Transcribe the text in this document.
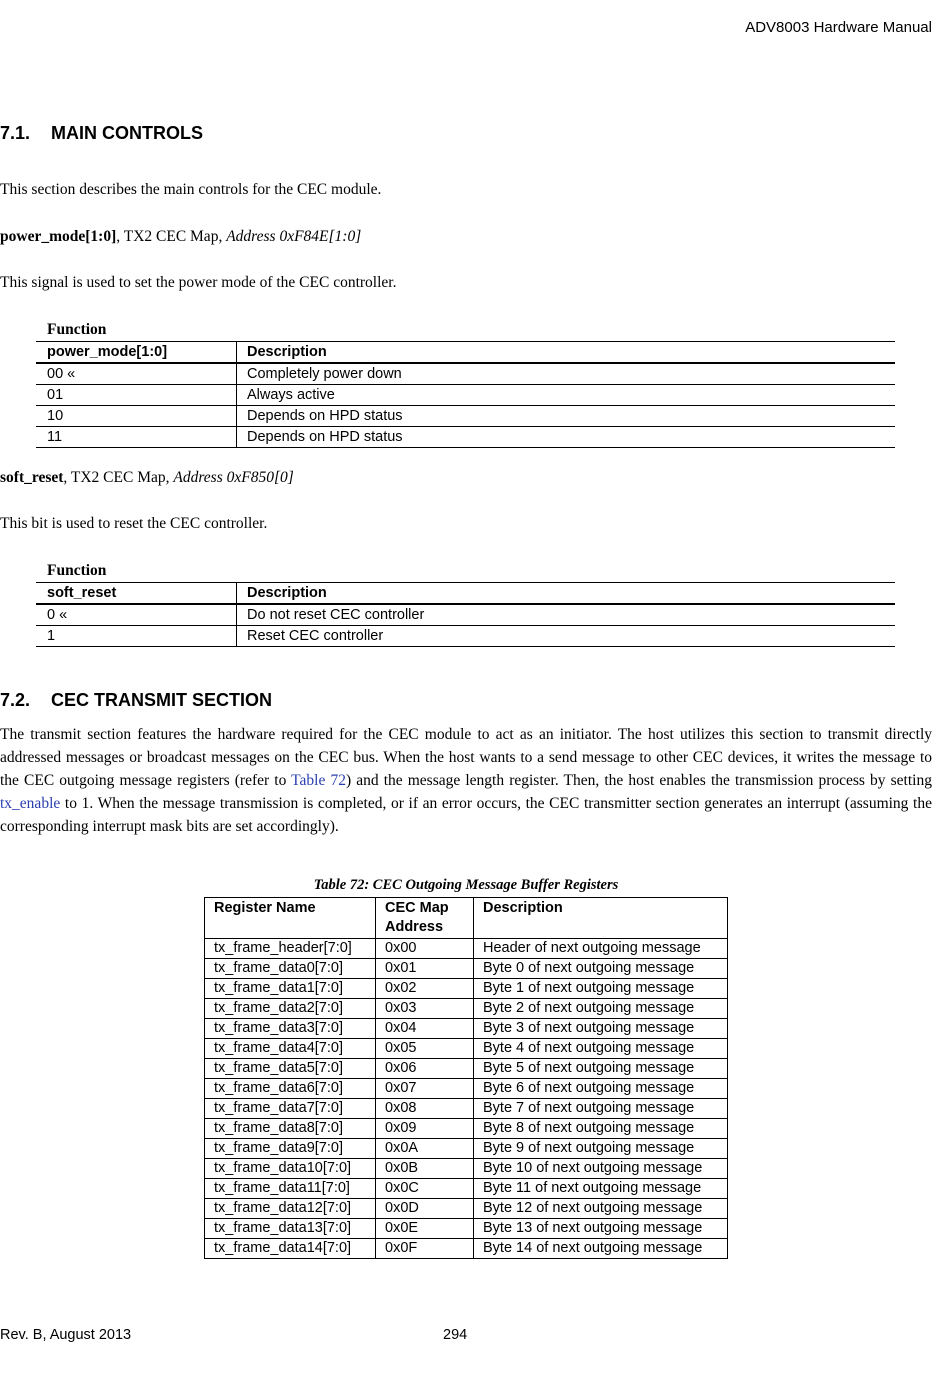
ADV8003 Hardware Manual
7.1. MAIN CONTROLS
This section describes the main controls for the CEC module.
power_mode[1:0], TX2 CEC Map, Address 0xF84E[1:0]
This signal is used to set the power mode of the CEC controller.
Function
power_mode[1:0]	Description
00 «	Completely power down
01	Always active
10	Depends on HPD status
11	Depends on HPD status
soft_reset, TX2 CEC Map, Address 0xF850[0]
This bit is used to reset the CEC controller.
Function
soft_reset	Description
0 «	Do not reset CEC controller
1	Reset CEC controller
7.2. CEC TRANSMIT SECTION
The transmit section features the hardware required for the CEC module to act as an initiator. The host utilizes this section to transmit directly addressed messages or broadcast messages on the CEC bus. When the host wants to a send message to other CEC devices, it writes the message to the CEC outgoing message registers (refer to Table 72) and the message length register. Then, the host enables the transmission process by setting tx_enable to 1. When the message transmission is completed, or if an error occurs, the CEC transmitter section generates an interrupt (assuming the corresponding interrupt mask bits are set accordingly).
Table 72: CEC Outgoing Message Buffer Registers
Register Name	CEC Map Address	Description
tx_frame_header[7:0]	0x00	Header of next outgoing message
tx_frame_data0[7:0]	0x01	Byte 0 of next outgoing message
tx_frame_data1[7:0]	0x02	Byte 1 of next outgoing message
tx_frame_data2[7:0]	0x03	Byte 2 of next outgoing message
tx_frame_data3[7:0]	0x04	Byte 3 of next outgoing message
tx_frame_data4[7:0]	0x05	Byte 4 of next outgoing message
tx_frame_data5[7:0]	0x06	Byte 5 of next outgoing message
tx_frame_data6[7:0]	0x07	Byte 6 of next outgoing message
tx_frame_data7[7:0]	0x08	Byte 7 of next outgoing message
tx_frame_data8[7:0]	0x09	Byte 8 of next outgoing message
tx_frame_data9[7:0]	0x0A	Byte 9 of next outgoing message
tx_frame_data10[7:0]	0x0B	Byte 10 of next outgoing message
tx_frame_data11[7:0]	0x0C	Byte 11 of next outgoing message
tx_frame_data12[7:0]	0x0D	Byte 12 of next outgoing message
tx_frame_data13[7:0]	0x0E	Byte 13 of next outgoing message
tx_frame_data14[7:0]	0x0F	Byte 14 of next outgoing message
Rev. B, August 2013	294
